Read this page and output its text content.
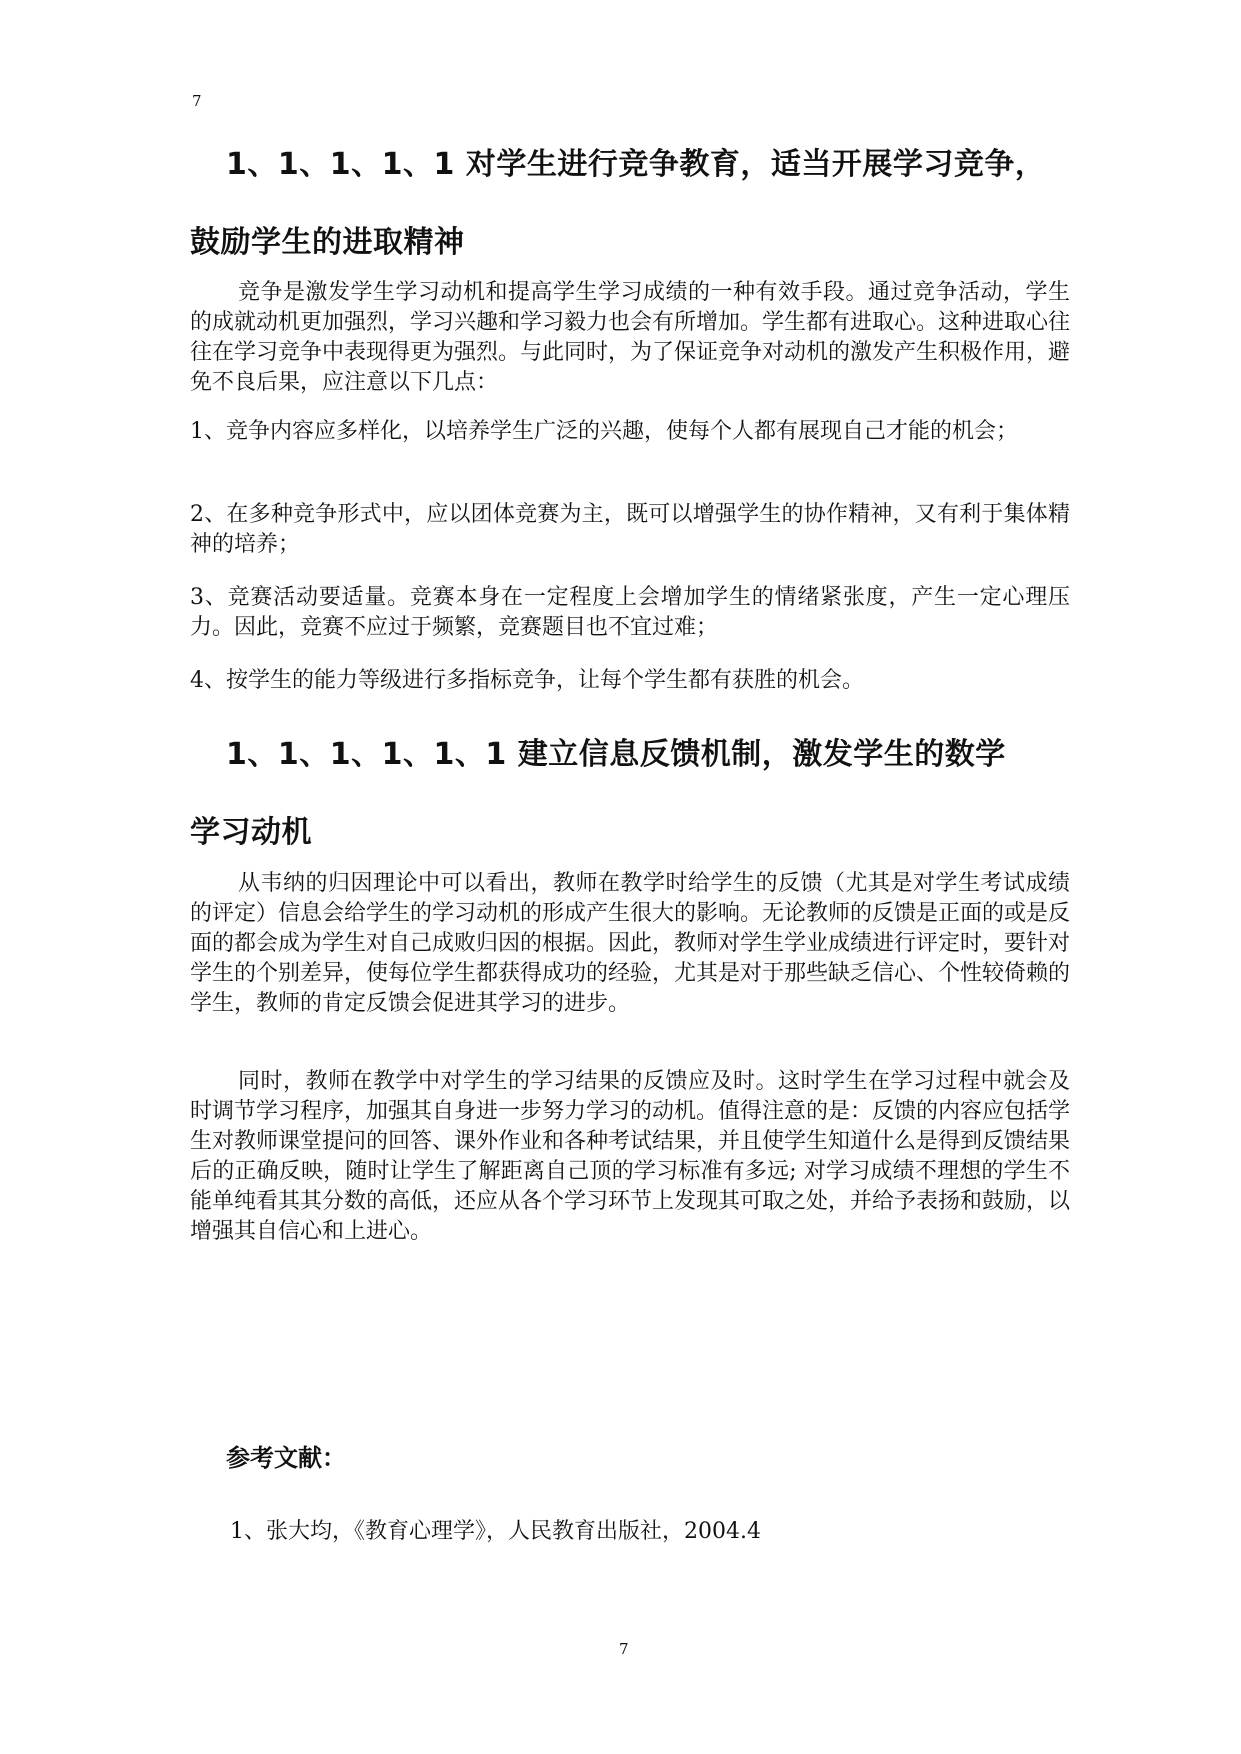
7
1、1、1、1、1 对学生进行竞争教育，适当开展学习竞争，
鼓励学生的进取精神

竞争是激发学生学习动机和提高学生学习成绩的一种有效手段。通过竞争活动，学生的成就动机更加强烈，学习兴趣和学习毅力也会有所增加。学生都有进取心。这种进取心往往在学习竞争中表现得更为强烈。与此同时，为了保证竞争对动机的激发产生积极作用，避免不良后果，应注意以下几点：

1、竞争内容应多样化，以培养学生广泛的兴趣，使每个人都有展现自己才能的机会；

2、在多种竞争形式中，应以团体竞赛为主，既可以增强学生的协作精神，又有利于集体精神的培养；

3、竞赛活动要适量。竞赛本身在一定程度上会增加学生的情绪紧张度，产生一定心理压力。因此，竞赛不应过于频繁，竞赛题目也不宜过难；

4、按学生的能力等级进行多指标竞争，让每个学生都有获胜的机会。

1、1、1、1、1、1 建立信息反馈机制，激发学生的数学
学习动机

从韦纳的归因理论中可以看出，教师在教学时给学生的反馈（尤其是对学生考试成绩的评定）信息会给学生的学习动机的形成产生很大的影响。无论教师的反馈是正面的或是反面的都会成为学生对自己成败归因的根据。因此，教师对学生学业成绩进行评定时，要针对学生的个别差异，使每位学生都获得成功的经验，尤其是对于那些缺乏信心、个性较倚赖的学生，教师的肯定反馈会促进其学习的进步。

同时，教师在教学中对学生的学习结果的反馈应及时。这时学生在学习过程中就会及时调节学习程序，加强其自身进一步努力学习的动机。值得注意的是：反馈的内容应包括学生对教师课堂提问的回答、课外作业和各种考试结果，并且使学生知道什么是得到反馈结果后的正确反映，随时让学生了解距离自己顶的学习标准有多远; 对学习成绩不理想的学生不能单纯看其其分数的高低，还应从各个学习环节上发现其可取之处，并给予表扬和鼓励，以增强其自信心和上进心。

参考文献：

1、张大均，《教育心理学》，人民教育出版社，2004.4

7
